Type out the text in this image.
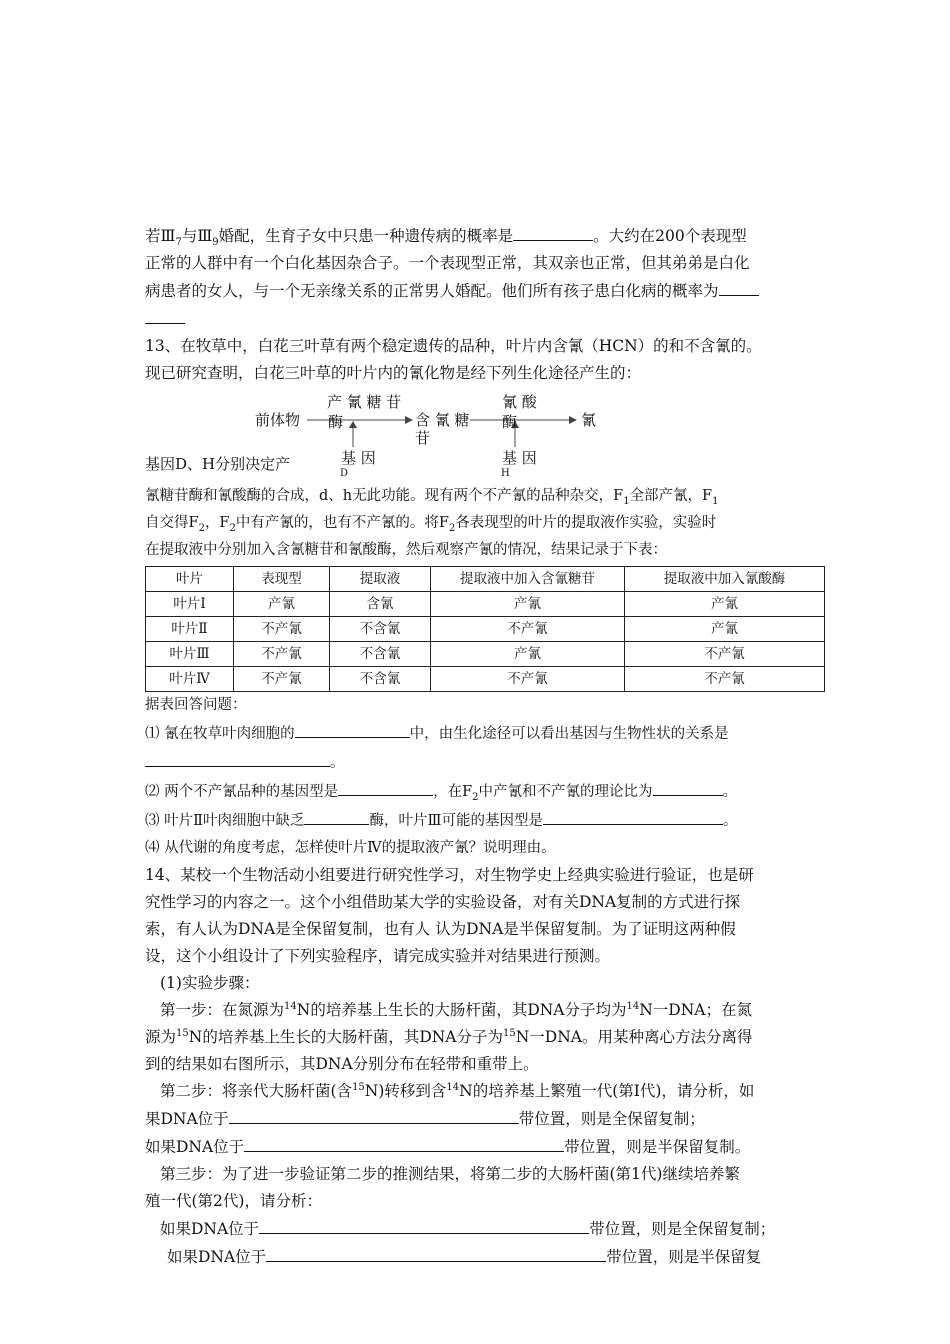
若$Ⅲ_7$与$Ⅲ_9$婚配，生育子女中只患一种遗传病的概率是	。大约在200个表现型

正常的人群中有一个白化基因杂合子。一个表现型正常，其双亲也正常，但其弟弟是白化

病患者的女人，与一个无亲缘关系的正常男人婚配。他们所有孩子患白化病的概率为

13、在牧草中，白花三叶草有两个稳定遗传的品种，叶片内含氰（HCN）的和不含氰的。

现已研究查明，白花三叶草的叶片内的氰化物是经下列生化途径产生的：

前体物
产 氰 糖 苷
酶	含 氰 糖
苷
氰 酸
酶	氰
基 因
D
基 因
H
基因D、H分别决定产

氰糖苷酶和氰酸酶的合成，d、h无此功能。现有两个不产氰的品种杂交，$F_1$全部产氰，$F_1$

自交得$F_2$，$F_2$中有产氰的，也有不产氰的。将$F_2$各表现型的叶片的提取液作实验，实验时

在提取液中分别加入含氰糖苷和氰酸酶，然后观察产氰的情况，结果记录于下表：

叶片	表现型	提取液	提取液中加入含氰糖苷	提取液中加入氰酸酶
叶片Ⅰ	产氰	含氰	产氰	产氰
叶片Ⅱ	不产氰	不含氰	不产氰	产氰
叶片Ⅲ	不产氰	不含氰	产氰	不产氰
叶片Ⅳ	不产氰	不含氰	不产氰	不产氰

据表回答问题：

⑴ 氰在牧草叶肉细胞的	中，由生化途径可以看出基因与生物性状的关系是

。

⑵ 两个不产氰品种的基因型是	，在$F_2$中产氰和不产氰的理论比为	。

⑶ 叶片Ⅱ叶肉细胞中缺乏	酶，叶片Ⅲ可能的基因型是	。

⑷ 从代谢的角度考虑，怎样使叶片Ⅳ的提取液产氰？说明理由。

14、某校一个生物活动小组要进行研究性学习，对生物学史上经典实验进行验证，也是研

究性学习的内容之一。这个小组借助某大学的实验设备，对有关DNA复制的方式进行探

索，有人认为DNA是全保留复制，也有人 认为DNA是半保留复制。为了证明这两种假

设，这个小组设计了下列实验程序，请完成实验并对结果进行预测。

(1)实验步骤：

第一步：在氮源为$^{14}$N的培养基上生长的大肠杆菌，其DNA分子均为$^{14}$N一DNA；在氮

源为$^{15}$N的培养基上生长的大肠杆菌，其DNA分子为$^{15}$N一DNA。用某种离心方法分离得

到的结果如右图所示，其DNA分别分布在轻带和重带上。

第二步：将亲代大肠杆菌(含$^{15}$N)转移到含$^{14}$N的培养基上繁殖一代(第Ⅰ代)，请分析，如

果DNA位于	带位置，则是全保留复制；

如果DNA位于	带位置，则是半保留复制。

第三步：为了进一步验证第二步的推测结果，将第二步的大肠杆菌(第1代)继续培养繁

殖一代(第2代)，请分析：

如果DNA位于	带位置，则是全保留复制；

如果DNA位于	带位置，则是半保留复
